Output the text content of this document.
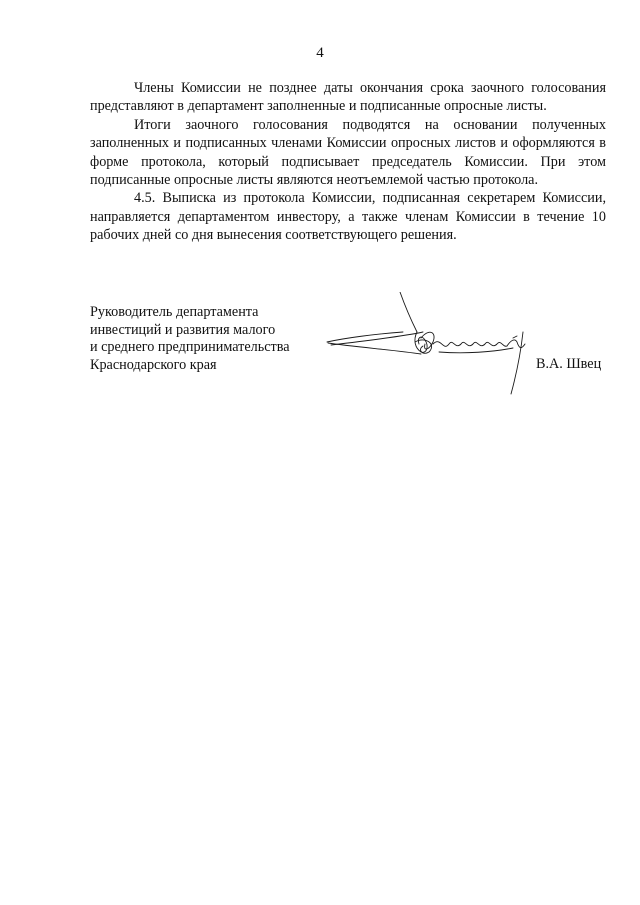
4

Члены Комиссии не позднее даты окончания срока заочного голосования представляют в департамент заполненные и подписанные опросные листы.

Итоги заочного голосования подводятся на основании полученных заполненных и подписанных членами Комиссии опросных листов и оформляются в форме протокола, который подписывает председатель Комиссии. При этом подписанные опросные листы являются неотъемлемой частью протокола.

4.5. Выписка из протокола Комиссии, подписанная секретарем Комиссии, направляется департаментом инвестору, а также членам Комиссии в течение 10 рабочих дней со дня вынесения соответствующего решения.

Руководитель департамента
инвестиций и развития малого
и среднего предпринимательства
Краснодарского края	В.А. Швец
